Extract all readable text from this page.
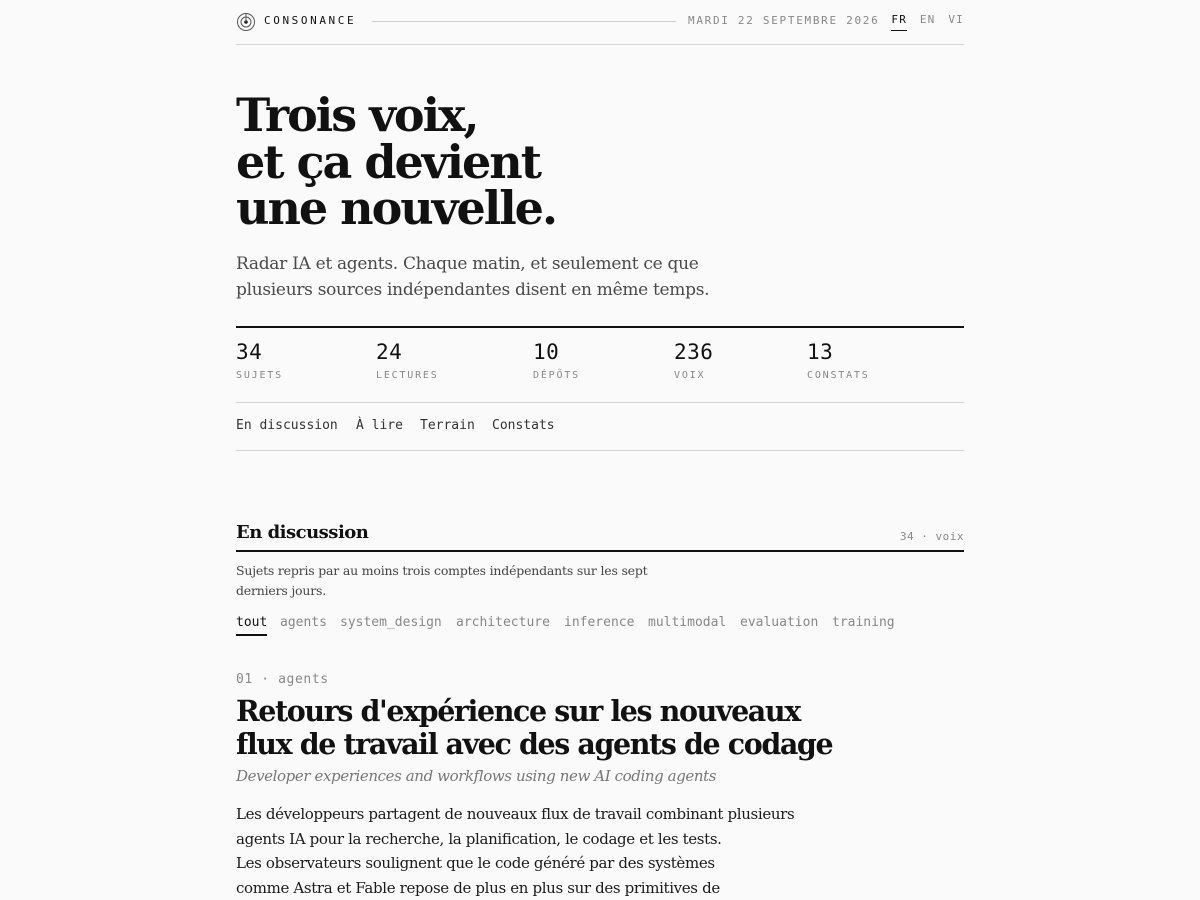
CONSONANCE	MARDI 22 SEPTEMBRE 2026	FR EN VI
Trois voix,
et ça devient
une nouvelle.

Radar IA et agents. Chaque matin, et seulement ce que plusieurs sources indépendantes disent en même temps.

34
SUJETS
24
LECTURES
10
DÉPÔTS
236
VOIX
13
CONSTATS
En discussion À lire Terrain Constats
En discussion	34 · voix

Sujets repris par au moins trois comptes indépendants sur les sept derniers jours.

tout agents system_design architecture inference multimodal evaluation training
01 · agents
Retours d'expérience sur les nouveaux
flux de travail avec des agents de codage
Developer experiences and workflows using new AI coding agents
Les développeurs partagent de nouveaux flux de travail combinant plusieurs
agents IA pour la recherche, la planification, le codage et les tests.
Les observateurs soulignent que le code généré par des systèmes
comme Astra et Fable repose de plus en plus sur des primitives de
